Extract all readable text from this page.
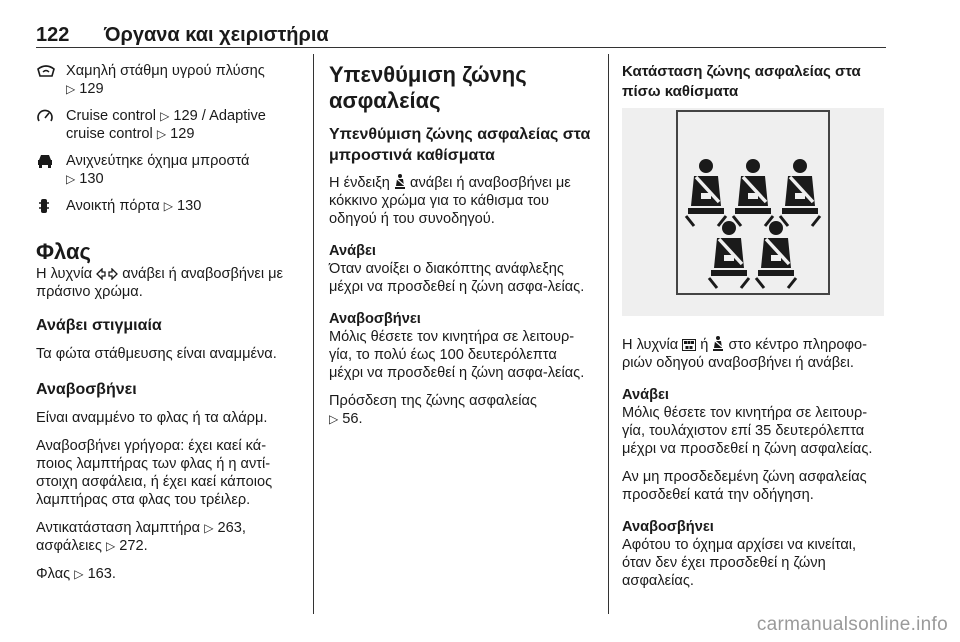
122 Όργανα και χειριστήρια
Χαμηλή στάθμη υγρού πλύσης
▷ 129
Cruise control ▷ 129 / Adaptive cruise control ▷ 129
Ανιχνεύτηκε όχημα μπροστά
▷ 130
Ανοικτή πόρτα ▷ 130
Φλας

Η λυχνία  ανάβει ή αναβοσβήνει με πράσινο χρώμα.

Ανάβει στιγμιαία

Τα φώτα στάθμευσης είναι αναμμένα.

Αναβοσβήνει

Είναι αναμμένο το φλας ή τα αλάρμ.

Αναβοσβήνει γρήγορα: έχει καεί κά-ποιος λαμπτήρας των φλας ή η αντί-στοιχη ασφάλεια, ή έχει καεί κάποιος λαμπτήρας στα φλας του τρέιλερ.

Αντικατάσταση λαμπτήρα ▷ 263,
ασφάλειες ▷ 272.

Φλας ▷ 163.

Υπενθύμιση ζώνης ασφαλείας
Υπενθύμιση ζώνης ασφαλείας στα μπροστινά καθίσματα

Η ένδειξη  ανάβει ή αναβοσβήνει με κόκκινο χρώμα για το κάθισμα του οδηγού ή του συνοδηγού.

Ανάβει

Όταν ανοίξει ο διακόπτης ανάφλεξης μέχρι να προσδεθεί η ζώνη ασφα-λείας.

Αναβοσβήνει

Μόλις θέσετε τον κινητήρα σε λειτουρ-γία, το πολύ έως 100 δευτερόλεπτα μέχρι να προσδεθεί η ζώνη ασφα-λείας.

Πρόσδεση της ζώνης ασφαλείας
▷ 56.

Κατάσταση ζώνης ασφαλείας στα πίσω καθίσματα

Η λυχνία ή  στο κέντρο πληροφο-ριών οδηγού αναβοσβήνει ή ανάβει.

Ανάβει

Μόλις θέσετε τον κινητήρα σε λειτουρ-γία, τουλάχιστον επί 35 δευτερόλεπτα μέχρι να προσδεθεί η ζώνη ασφαλείας.

Αν μη προσδεδεμένη ζώνη ασφαλείας προσδεθεί κατά την οδήγηση.

Αναβοσβήνει

Αφότου το όχημα αρχίσει να κινείται, όταν δεν έχει προσδεθεί η ζώνη ασφαλείας.

carmanualsonline.info
